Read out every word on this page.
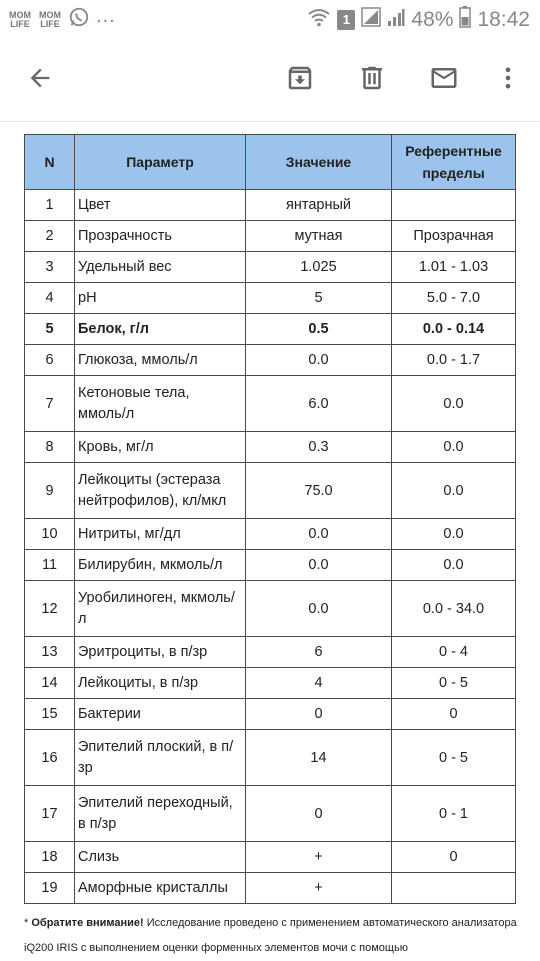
MOM LIFE
MOM LIFE ...	1	48% 18:42
N	Параметр	Значение	Референтные пределы
1	Цвет	янтарный	
2	Прозрачность	мутная	Прозрачная
3	Удельный вес	1.025	1.01 - 1.03
4	pH	5	5.0 - 7.0
5	Белок, г/л	0.5	0.0 - 0.14
6	Глюкоза, ммоль/л	0.0	0.0 - 1.7
7	Кетоновые тела, ммоль/л	6.0	0.0
8	Кровь, мг/л	0.3	0.0
9	Лейкоциты (эстераза нейтрофилов), кл/мкл	75.0	0.0
10	Нитриты, мг/дл	0.0	0.0
11	Билирубин, мкмоль/л	0.0	0.0
12	Уробилиноген, мкмоль/л	0.0	0.0 - 34.0
13	Эритроциты, в п/зр	6	0 - 4
14	Лейкоциты, в п/зр	4	0 - 5
15	Бактерии	0	0
16	Эпителий плоский, в п/зр	14	0 - 5
17	Эпителий переходный, в п/зр	0	0 - 1
18	Слизь	+	0
19	Аморфные кристаллы	+	
* Обратите внимание! Исследование проведено с применением автоматического анализатора iQ200 IRIS с выполнением оценки форменных элементов мочи с помощью
